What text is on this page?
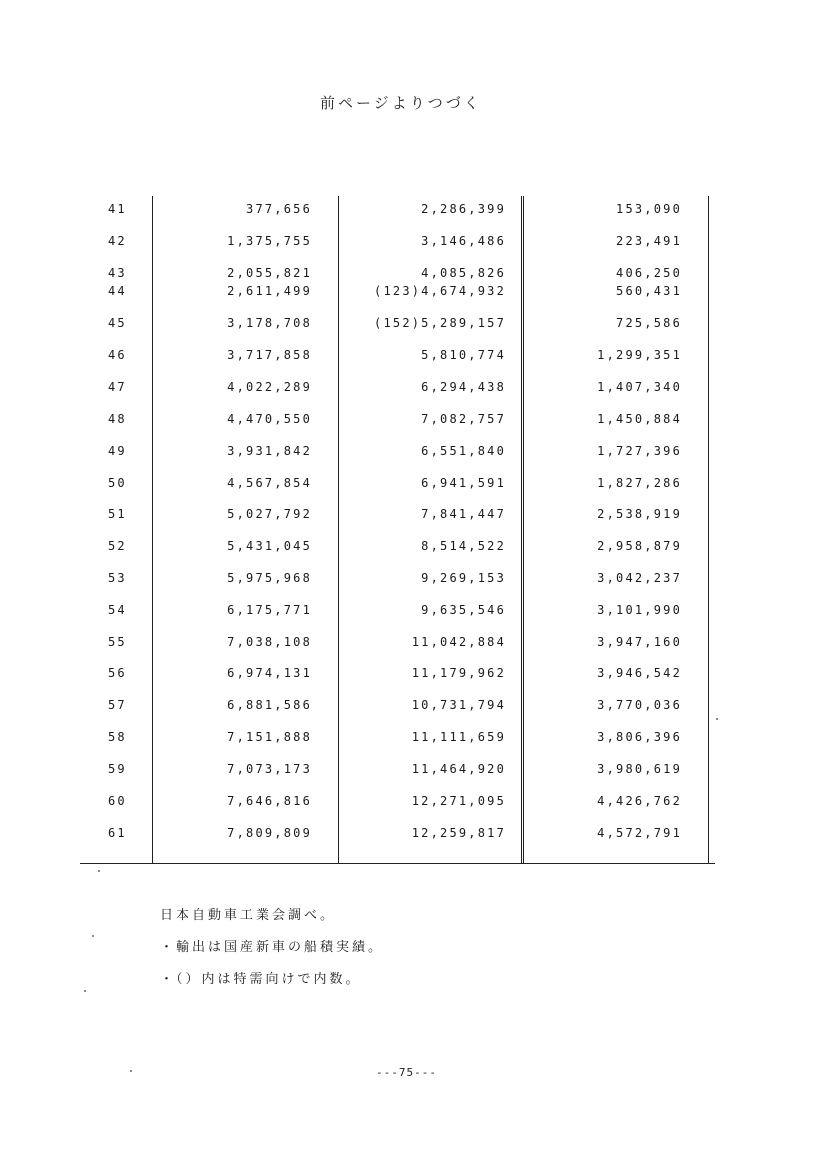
前ページよりつづく
41	377,656	2,286,399	153,090
42	1,375,755	3,146,486	223,491
43	2,055,821	4,085,826	406,250
44	2,611,499	(123)4,674,932	560,431
45	3,178,708	(152)5,289,157	725,586
46	3,717,858	5,810,774	1,299,351
47	4,022,289	6,294,438	1,407,340
48	4,470,550	7,082,757	1,450,884
49	3,931,842	6,551,840	1,727,396
50	4,567,854	6,941,591	1,827,286
51	5,027,792	7,841,447	2,538,919
52	5,431,045	8,514,522	2,958,879
53	5,975,968	9,269,153	3,042,237
54	6,175,771	9,635,546	3,101,990
55	7,038,108	11,042,884	3,947,160
56	6,974,131	11,179,962	3,946,542
57	6,881,586	10,731,794	3,770,036
58	7,151,888	11,111,659	3,806,396
59	7,073,173	11,464,920	3,980,619
60	7,646,816	12,271,095	4,426,762
61	7,809,809	12,259,817	4,572,791
日本自動車工業会調べ。
・輸出は国産新車の船積実績。
・（）内は特需向けで内数。
---75---
